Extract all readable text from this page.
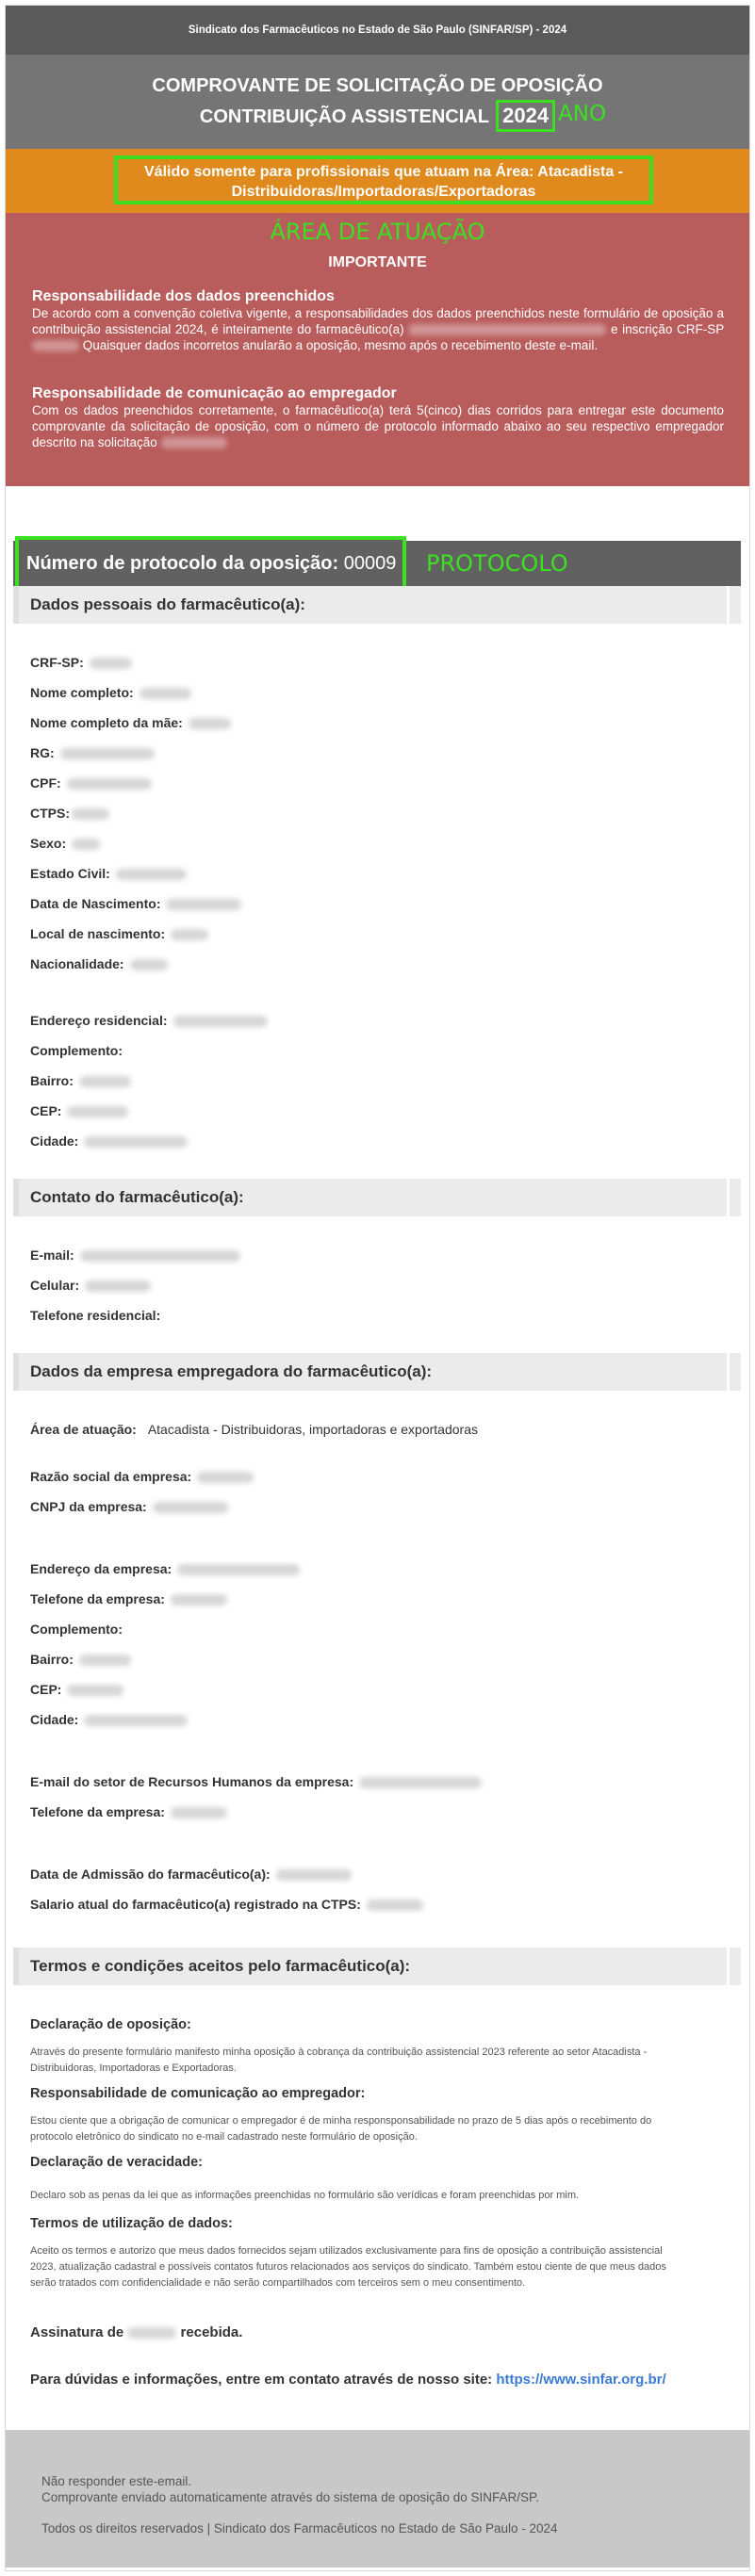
Sindicato dos Farmacêuticos no Estado de São Paulo (SINFAR/SP) - 2024
COMPROVANTE DE SOLICITAÇÃO DE OPOSIÇÃO
CONTRIBUIÇÃO ASSISTENCIAL 2024 ANO
Válido somente para profissionais que atuam na Área: Atacadista - Distribuidoras/Importadoras/Exportadoras
ÁREA DE ATUAÇÃO
IMPORTANTE
Responsabilidade dos dados preenchidos

De acordo com a convenção coletiva vigente, a responsabilidades dos dados preenchidos neste formulário de oposição a contribuição assistencial 2024, é inteiramente do farmacêutico(a)	e inscrição CRF-SP  Quaisquer dados incorretos anularão a oposição, mesmo após o recebimento deste e-mail.

Responsabilidade de comunicação ao empregador

Com os dados preenchidos corretamente, o farmacêutico(a) terá 5(cinco) dias corridos para entregar este documento comprovante da solicitação de oposição, com o número de protocolo informado abaixo ao seu respectivo empregador descrito na solicitação

Número de protocolo da oposição: 00009	PROTOCOLO
Dados pessoais do farmacêutico(a):
CRF-SP:
Nome completo:
Nome completo da mãe:
RG:
CPF:
CTPS:
Sexo:
Estado Civil:
Data de Nascimento:
Local de nascimento:
Nacionalidade:
Endereço residencial:
Complemento:
Bairro:
CEP:
Cidade:
Contato do farmacêutico(a):
E-mail:
Celular:
Telefone residencial:
Dados da empresa empregadora do farmacêutico(a):
Área de atuação: Atacadista - Distribuidoras, importadoras e exportadoras
Razão social da empresa:
CNPJ da empresa:
Endereço da empresa:
Telefone da empresa:
Complemento:
Bairro:
CEP:
Cidade:
E-mail do setor de Recursos Humanos da empresa:
Telefone da empresa:
Data de Admissão do farmacêutico(a):
Salario atual do farmacêutico(a) registrado na CTPS:
Termos e condições aceitos pelo farmacêutico(a):
Declaração de oposição:
Através do presente formulário manifesto minha oposição à cobrança da contribuição assistencial 2023 referente ao setor Atacadista - Distribuidoras, Importadoras e Exportadoras.
Responsabilidade de comunicação ao empregador:
Estou ciente que a obrigação de comunicar o empregador é de minha responsponsabilidade no prazo de 5 dias após o recebimento do protocolo eletrônico do sindicato no e-mail cadastrado neste formulário de oposição.
Declaração de veracidade:
Declaro sob as penas da lei que as informações preenchidas no formulário são verídicas e foram preenchidas por mim.
Termos de utilização de dados:
Aceito os termos e autorizo que meus dados fornecidos sejam utilizados exclusivamente para fins de oposição a contribuição assistencial 2023, atualização cadastral e possíveis contatos futuros relacionados aos serviços do sindicato. Também estou ciente de que meus dados serão tratados com confidencialidade e não serão compartilhados com terceiros sem o meu consentimento.
Assinatura de	recebida.
Para dúvidas e informações, entre em contato através de nosso site: https://www.sinfar.org.br/
Não responder este-email.
Comprovante enviado automaticamente através do sistema de oposição do SINFAR/SP.
Todos os direitos reservados | Sindicato dos Farmacêuticos no Estado de São Paulo - 2024
